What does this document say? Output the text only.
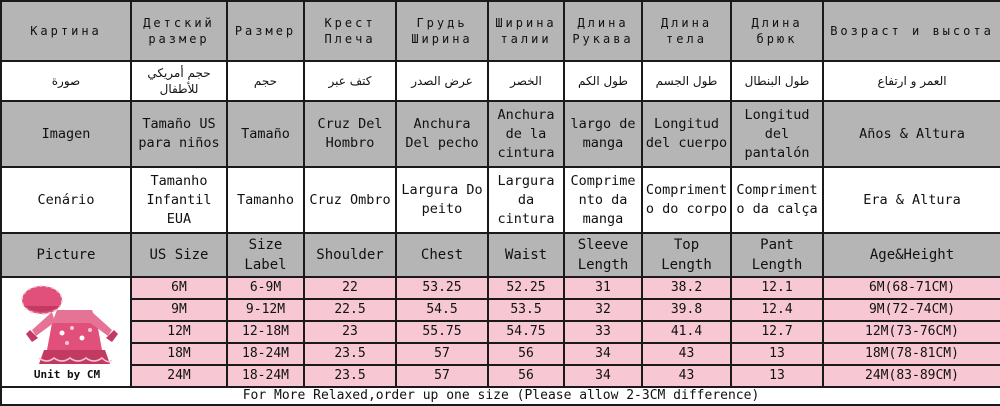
Картина	Детский размер	Размер	Крест Плеча	Грудь Ширина	Ширина талии	Длина Рукава	Длина тела	Длина брюк	Возраст и высота
صورة	حجم أمريكي للأطفال	حجم	كتف عبر	عرض الصدر	الخصر	طول الكم	طول الجسم	طول البنطال	العمر و ارتفاع
Imagen	Tamaño US para niños	Tamaño	Cruz Del Hombro	Anchura Del pecho	Anchura de la cintura	largo de manga	Longitud del cuerpo	Longitud del pantalón	Años & Altura
Cenário	Tamanho Infantil EUA	Tamanho	Cruz Ombro	Largura Do peito	Largura da cintura	Comprimento da manga	Comprimento do corpo	Comprimento da calça	Era & Altura
Picture	US Size	Size Label	Shoulder	Chest	Waist	Sleeve Length	Top Length	Pant Length	Age&Height

Unit by CM	6M	6-9M	22	53.25	52.25	31	38.2	12.1	6M(68-71CM)
	9M	9-12M	22.5	54.5	53.5	32	39.8	12.4	9M(72-74CM)
	12M	12-18M	23	55.75	54.75	33	41.4	12.7	12M(73-76CM)
	18M	18-24M	23.5	57	56	34	43	13	18M(78-81CM)
	24M	18-24M	23.5	57	56	34	43	13	24M(83-89CM)
For More Relaxed,order up one size (Please allow 2-3CM difference)									
